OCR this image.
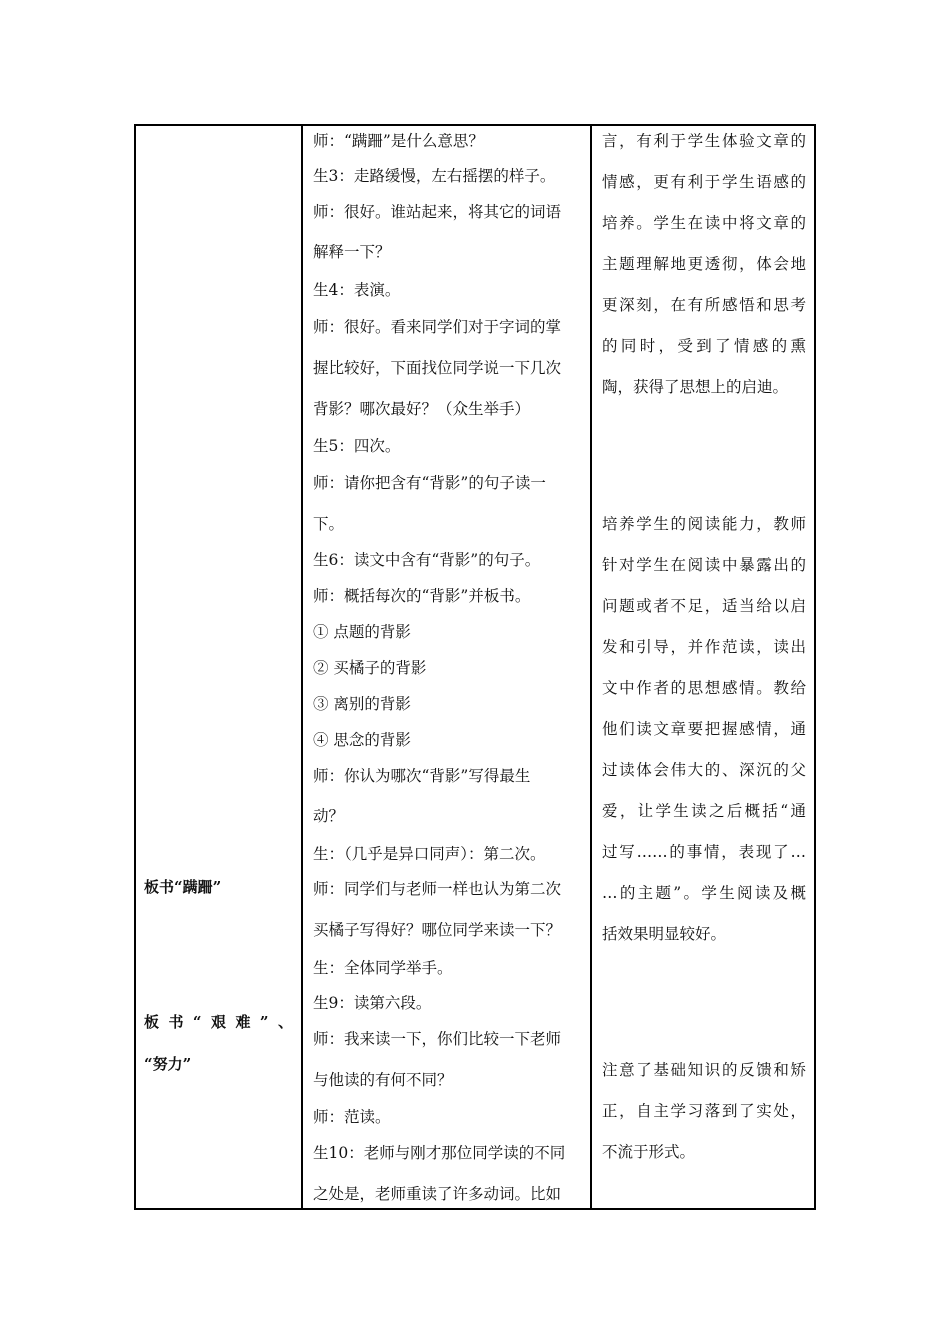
板书“蹒跚”
板书“艰难”、
“努力”
师：“蹒跚”是什么意思？
生3：走路缓慢，左右摇摆的样子。
师：很好。谁站起来，将其它的词语
解释一下？
生4：表演。
师：很好。看来同学们对于字词的掌
握比较好，下面找位同学说一下几次
背影？哪次最好？（众生举手）
生5：四次。
师：请你把含有“背影”的句子读一
下。
生6：读文中含有“背影”的句子。
师：概括每次的“背影”并板书。
① 点题的背影
② 买橘子的背影
③ 离别的背影
④ 思念的背影
师：你认为哪次“背影”写得最生
动？
生：（几乎是异口同声）：第二次。
师：同学们与老师一样也认为第二次
买橘子写得好？哪位同学来读一下？
生：全体同学举手。
生9：读第六段。
师：我来读一下，你们比较一下老师
与他读的有何不同？
师：范读。
生10：老师与刚才那位同学读的不同
之处是，老师重读了许多动词。比如
言，有利于学生体验文章的
情感，更有利于学生语感的
培养。学生在读中将文章的
主题理解地更透彻，体会地
更深刻，在有所感悟和思考
的同时，受到了情感的熏
陶，获得了思想上的启迪。
培养学生的阅读能力，教师
针对学生在阅读中暴露出的
问题或者不足，适当给以启
发和引导，并作范读，读出
文中作者的思想感情。教给
他们读文章要把握感情，通
过读体会伟大的、深沉的父
爱，让学生读之后概括“通
过写……的事情，表现了…
…的主题”。学生阅读及概
括效果明显较好。
注意了基础知识的反馈和矫
正，自主学习落到了实处，
不流于形式。
